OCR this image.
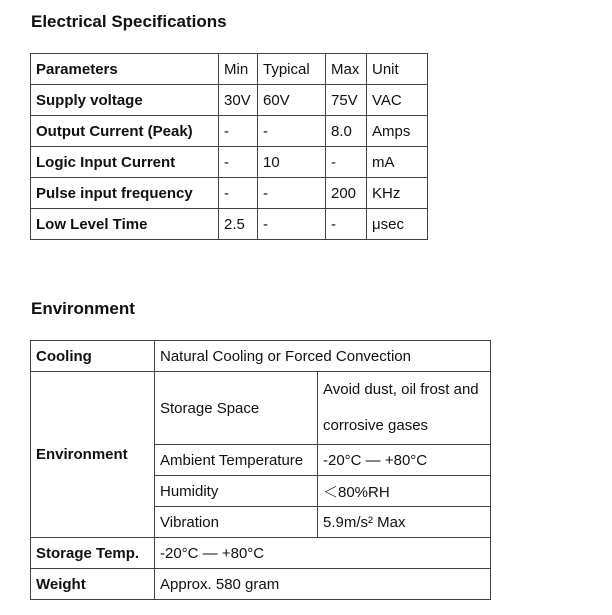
Electrical Specifications
Parameters	Min	Typical	Max	Unit
Supply voltage	30V	60V	75V	VAC
Output Current (Peak)	-	-	8.0	Amps
Logic Input Current	-	10	-	mA
Pulse input frequency	-	-	200	KHz
Low Level Time	2.5	-	-	μsec
Environment
Cooling	Natural Cooling or Forced Convection	
Environment	Storage Space	Avoid dust, oil frost and corrosive gases
	Ambient Temperature	-20°C — +80°C
	Humidity	＜80%RH
	Vibration	5.9m/s² Max
Storage Temp.	-20°C — +80°C	
Weight	Approx. 580 gram	
